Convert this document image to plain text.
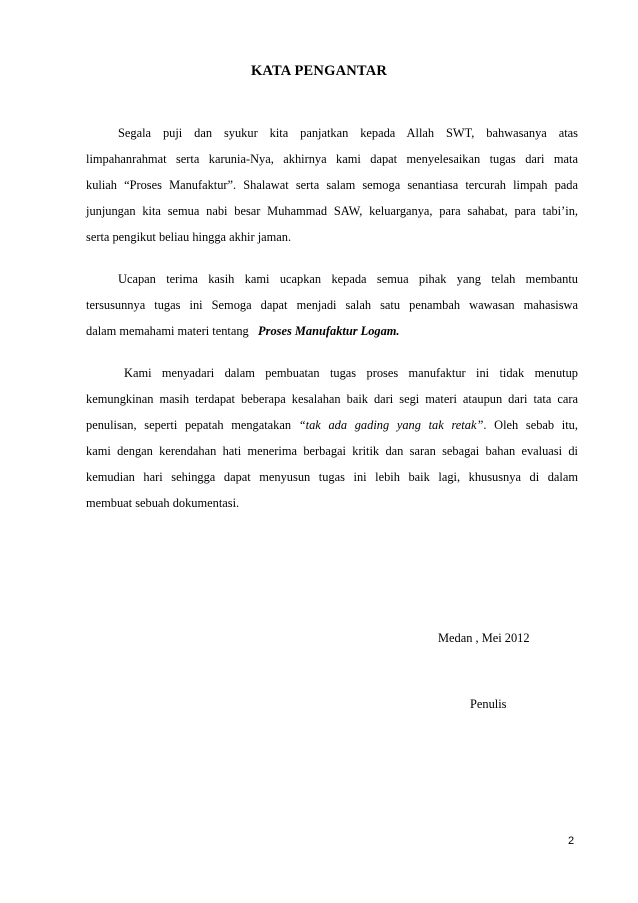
KATA PENGANTAR

Segala puji dan syukur kita panjatkan kepada Allah SWT, bahwasanya atas
limpahanrahmat serta karunia-Nya, akhirnya kami dapat menyelesaikan tugas dari mata
kuliah “Proses Manufaktur”. Shalawat serta salam semoga senantiasa tercurah limpah pada
junjungan kita semua nabi besar Muhammad SAW, keluarganya, para sahabat, para tabi’in,
serta pengikut beliau hingga akhir jaman.

Ucapan terima kasih kami ucapkan kepada semua pihak yang telah membantu
tersusunnya tugas ini Semoga dapat menjadi salah satu penambah wawasan mahasiswa
dalam memahami materi tentang Proses Manufaktur Logam.

Kami menyadari dalam pembuatan tugas proses manufaktur ini tidak menutup
kemungkinan masih terdapat beberapa kesalahan baik dari segi materi ataupun dari tata cara
penulisan, seperti pepatah mengatakan “tak ada gading yang tak retak”. Oleh sebab itu,
kami dengan kerendahan hati menerima berbagai kritik dan saran sebagai bahan evaluasi di
kemudian hari sehingga dapat menyusun tugas ini lebih baik lagi, khususnya di dalam
membuat sebuah dokumentasi.

Medan , Mei 2012
Penulis
2
